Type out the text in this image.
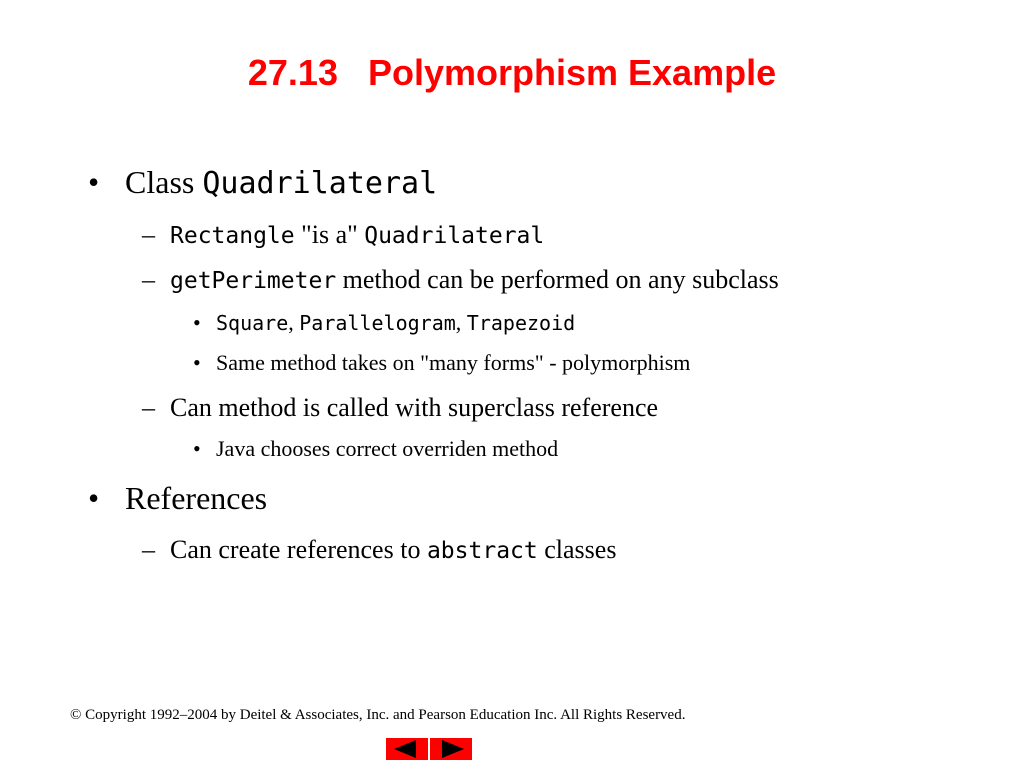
27.13   Polymorphism Example
• Class Quadrilateral
– Rectangle "is a" Quadrilateral
– getPerimeter method can be performed on any subclass
• Square, Parallelogram, Trapezoid
• Same method takes on "many forms" - polymorphism
– Can method is called with superclass reference
• Java chooses correct overriden method
• References
– Can create references to abstract classes
© Copyright 1992–2004 by Deitel & Associates, Inc. and Pearson Education Inc. All Rights Reserved.
